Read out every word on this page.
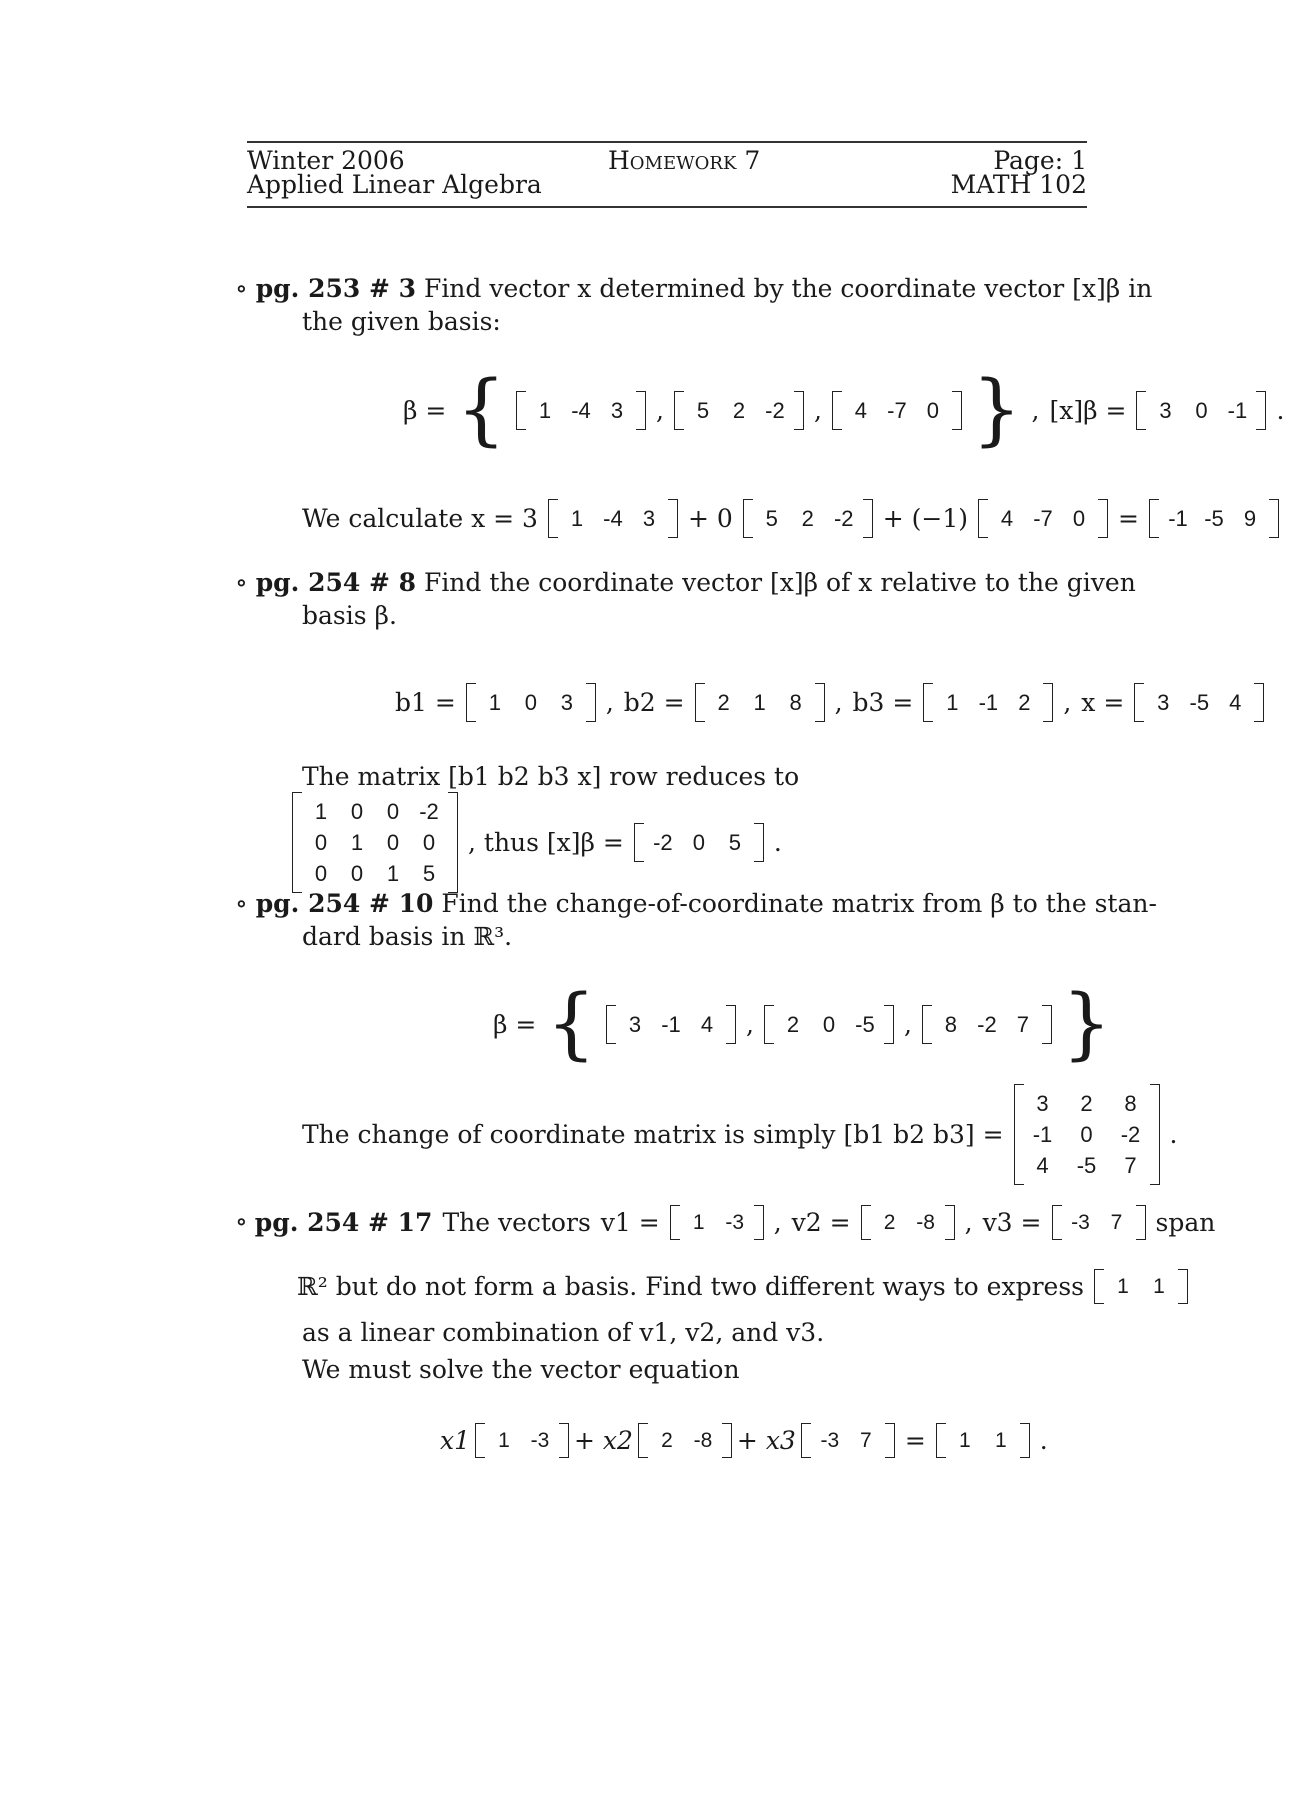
Winter 2006
Applied Linear Algebra
Homework 7	Page: 1
MATH 102
∘ pg. 253 # 3 Find vector x determined by the coordinate vector [x]β in
the given basis:
β = { 1 -4 3 , 5 2 -2 , 4 -7 0 } , [x]β = 3 0 -1 .
We calculate x = 3 1 -4 3 + 0 5 2 -2 + (−1) 4 -7 0 = -1 -5 9
∘ pg. 254 # 8 Find the coordinate vector [x]β of x relative to the given
basis β.
b1 = 1 0 3 , b2 = 2 1 8 , b3 = 1 -1 2 , x = 3 -5 4
The matrix [b1 b2 b3 x] row reduces to
1
0
0
0
1
0
0
0
1
-2
0
5
, thus [x]β = -2 0 5 .
∘ pg. 254 # 10 Find the change-of-coordinate matrix from β to the stan-
dard basis in ℝ³.
β = { 3 -1 4 , 2 0 -5 , 8 -2 7 }
The change of coordinate matrix is simply [b1 b2 b3] =
3
-1
4
2
0
-5
8
-2
7
.
∘ pg. 254 # 17 The vectors v1 = 1 -3 , v2 = 2 -8 , v3 = -3 7 span
ℝ² but do not form a basis. Find two different ways to express 1 1
as a linear combination of v1, v2, and v3.
We must solve the vector equation
x1 1 -3 + x2 2 -8 + x3 -3 7 = 1 1 .
